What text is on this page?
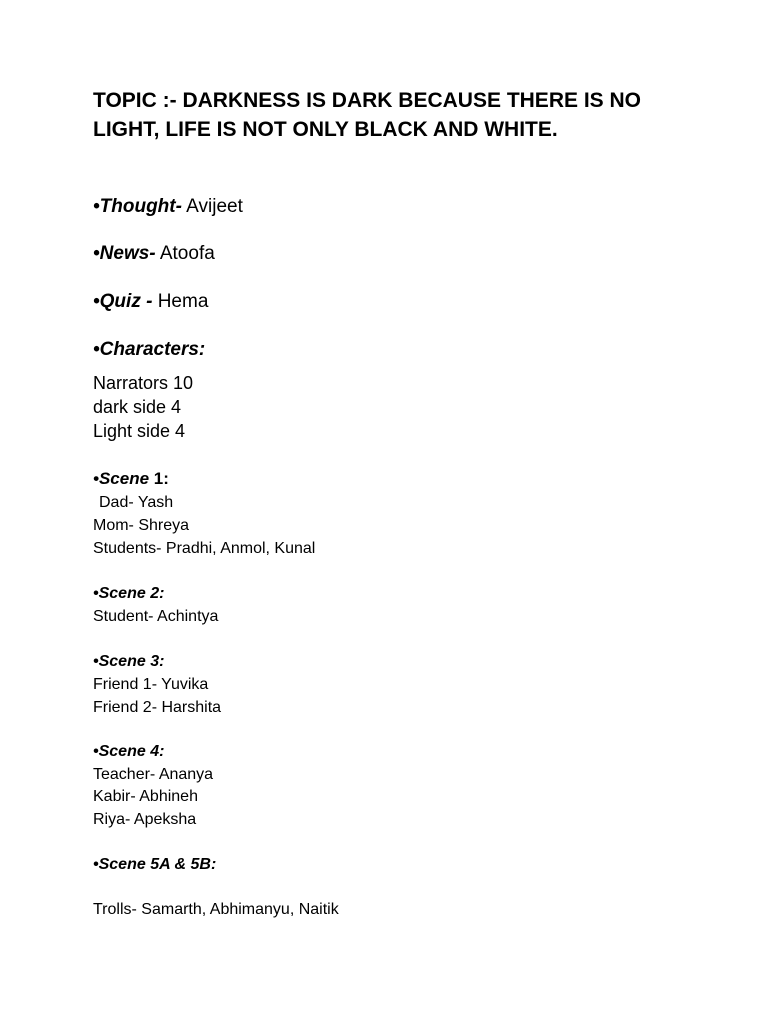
TOPIC :- DARKNESS IS DARK BECAUSE THERE IS NO LIGHT, LIFE IS NOT ONLY BLACK AND WHITE.

•Thought- Avijeet

•News- Atoofa

•Quiz - Hema

•Characters:

Narrators 10

dark side 4

Light side 4

•Scene 1:

Dad- Yash

Mom- Shreya

Students- Pradhi, Anmol, Kunal

•Scene 2:

Student- Achintya

•Scene 3:

Friend 1- Yuvika

Friend 2- Harshita

•Scene 4:

Teacher- Ananya

Kabir- Abhineh

Riya- Apeksha

•Scene 5A & 5B:

Trolls- Samarth, Abhimanyu, Naitik
